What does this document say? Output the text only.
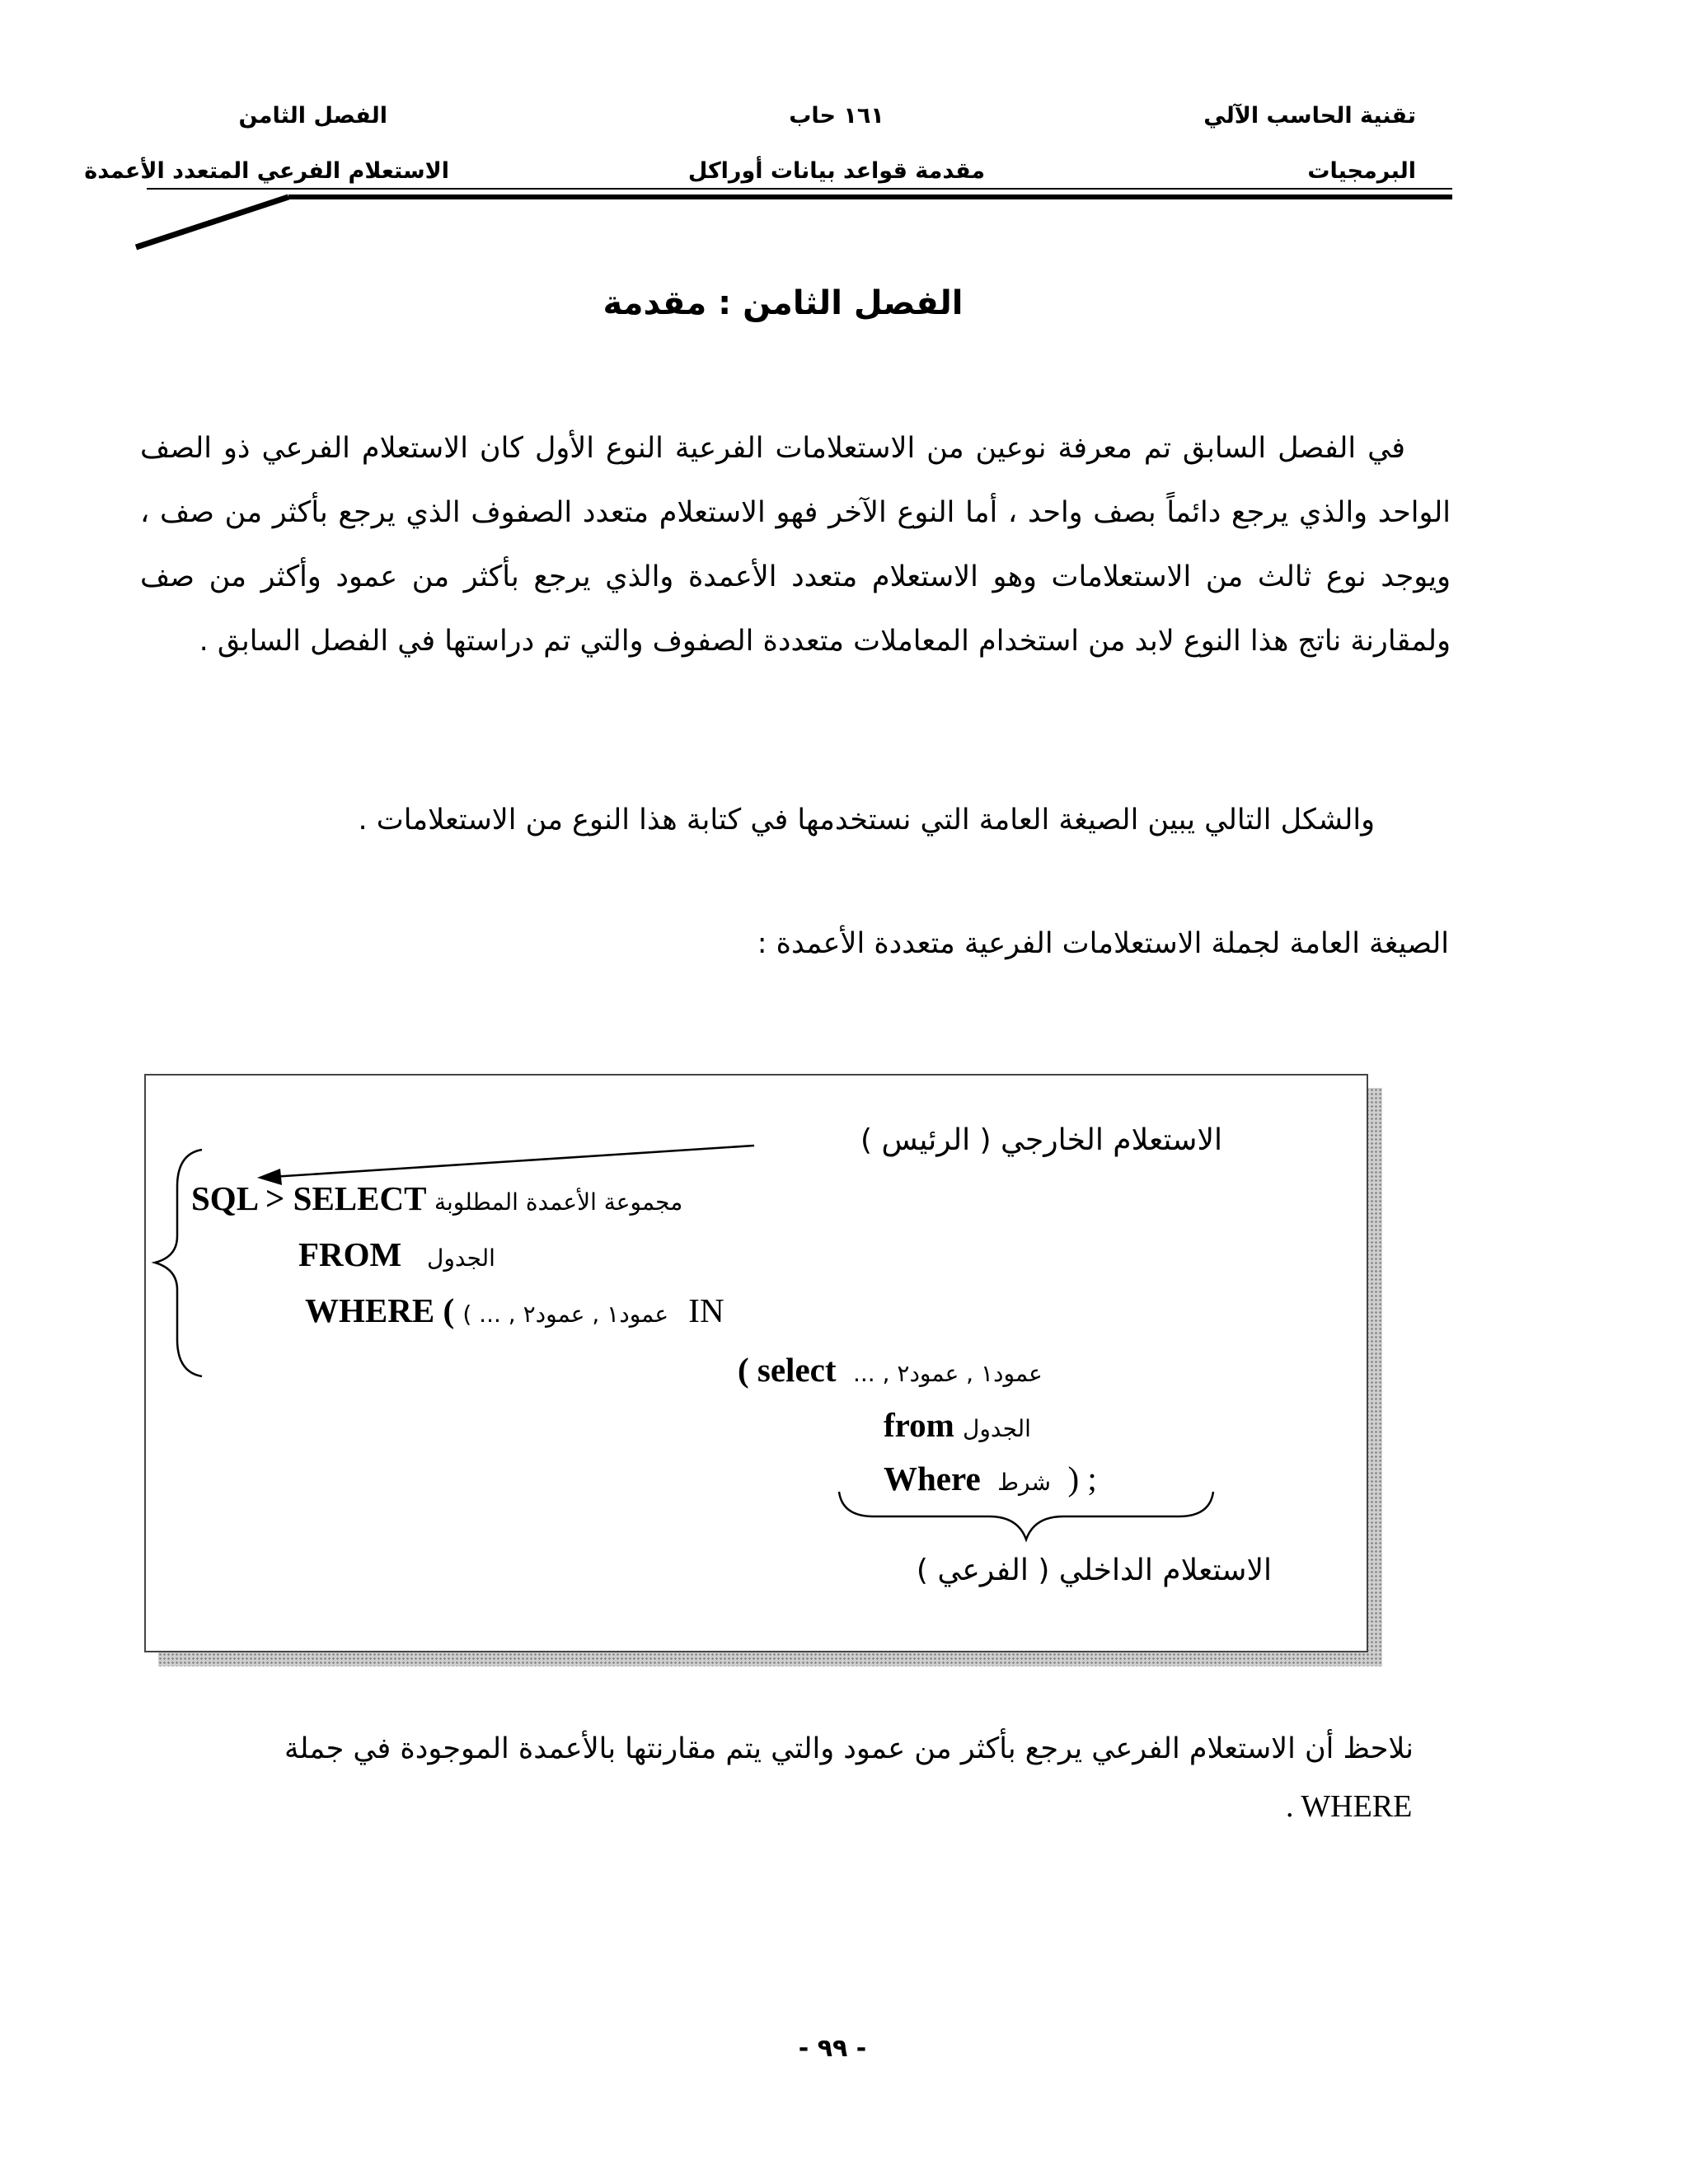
تقنية الحاسب الآلي
البرمجيات
١٦١ حاب
مقدمة قواعد بيانات أوراكل
الفصل الثامن
الاستعلام الفرعي المتعدد الأعمدة
الفصل الثامن : مقدمة
في الفصل السابق تم معرفة نوعين من الاستعلامات الفرعية النوع الأول كان الاستعلام الفرعي ذو الصف الواحد والذي يرجع دائماً بصف واحد ، أما النوع الآخر فهو الاستعلام متعدد الصفوف الذي يرجع بأكثر من صف ، ويوجد نوع ثالث من الاستعلامات وهو الاستعلام متعدد الأعمدة والذي يرجع بأكثر من عمود وأكثر من صف ولمقارنة ناتج هذا النوع لابد من استخدام المعاملات متعددة الصفوف والتي تم دراستها في الفصل السابق .
والشكل التالي يبين الصيغة العامة التي نستخدمها في كتابة هذا النوع من الاستعلامات .
الصيغة العامة لجملة الاستعلامات الفرعية متعددة الأعمدة :
الاستعلام الخارجي ( الرئيس )
SQL > SELECT مجموعة الأعمدة المطلوبة
FROM الجدول
WHERE ( عمود١ , عمود٢ , ... ) IN
( select عمود١ , عمود٢ , ...
from الجدول
Where شرط ) ;
الاستعلام الداخلي ( الفرعي )
نلاحظ أن الاستعلام الفرعي يرجع بأكثر من عمود والتي يتم مقارنتها بالأعمدة الموجودة في جملة
. WHERE
- ٩٩ -
